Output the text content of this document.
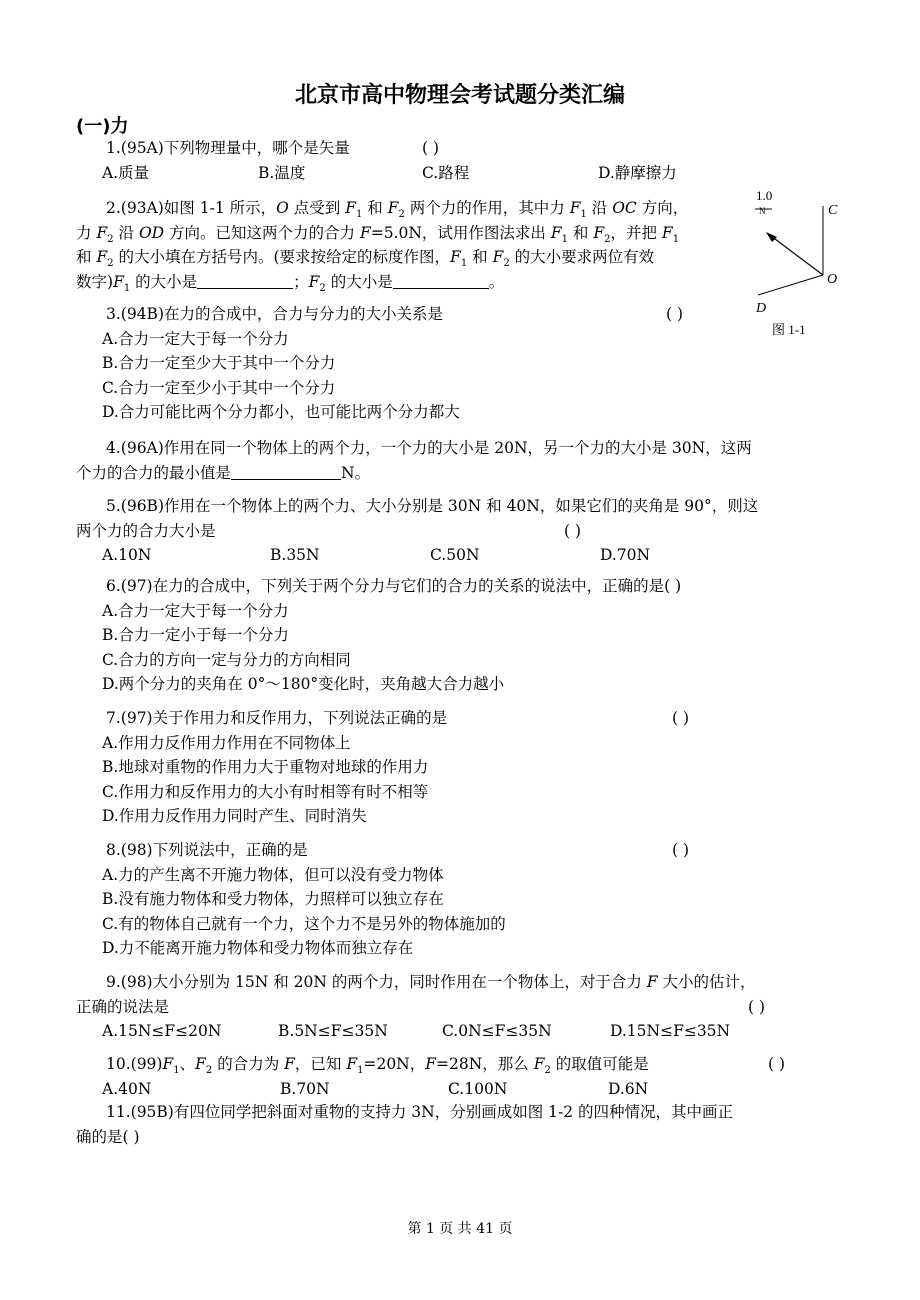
北京市高中物理会考试题分类汇编
(一)力
1.(95A)下列物理量中，哪个是矢量	( )
A.质量	B.温度	C.路程	D.静摩擦力
2.(93A)如图 1-1 所示，O 点受到 $F_1$ 和 $F_2$ 两个力的作用，其中力 $F_1$ 沿 OC 方向，
力 $F_2$ 沿 OD 方向。已知这两个力的合力 F=5.0N，试用作图法求出 $F_1$ 和 $F_2$，并把 $F_1$
和 $F_2$ 的大小填在方括号内。(要求按给定的标度作图，$F_1$ 和 $F_2$ 的大小要求两位有效
数字)$F_1$ 的大小是	；$F_2$ 的大小是	。
1.0
N	C
O
D
图 1-1
3.(94B)在力的合成中，合力与分力的大小关系是	( )
A.合力一定大于每一个分力
B.合力一定至少大于其中一个分力
C.合力一定至少小于其中一个分力
D.合力可能比两个分力都小，也可能比两个分力都大
4.(96A)作用在同一个物体上的两个力，一个力的大小是 20N，另一个力的大小是 30N，这两
个力的合力的最小值是	N。
5.(96B)作用在一个物体上的两个力、大小分别是 30N 和 40N，如果它们的夹角是 90°，则这
两个力的合力大小是	( )
A.10N	B.35N	C.50N	D.70N
6.(97)在力的合成中，下列关于两个分力与它们的合力的关系的说法中，正确的是( )
A.合力一定大于每一个分力
B.合力一定小于每一个分力
C.合力的方向一定与分力的方向相同
D.两个分力的夹角在 0°～180°变化时，夹角越大合力越小
7.(97)关于作用力和反作用力，下列说法正确的是	( )
A.作用力反作用力作用在不同物体上
B.地球对重物的作用力大于重物对地球的作用力
C.作用力和反作用力的大小有时相等有时不相等
D.作用力反作用力同时产生、同时消失
8.(98)下列说法中，正确的是	( )
A.力的产生离不开施力物体，但可以没有受力物体
B.没有施力物体和受力物体，力照样可以独立存在
C.有的物体自己就有一个力，这个力不是另外的物体施加的
D.力不能离开施力物体和受力物体而独立存在
9.(98)大小分别为 15N 和 20N 的两个力，同时作用在一个物体上，对于合力 F 大小的估计，
正确的说法是	( )
A.15N≤F≤20N	B.5N≤F≤35N	C.0N≤F≤35N	D.15N≤F≤35N
$10.(99)F_1$、$F_2$ 的合力为 F，已知 $F_1=20N$，F=28N，那么 $F_2$ 的取值可能是	( )
A.40N	B.70N	C.100N	D.6N
11.(95B)有四位同学把斜面对重物的支持力 3N，分别画成如图 1-2 的四种情况，其中画正
确的是( )
第 1 页 共 41 页
